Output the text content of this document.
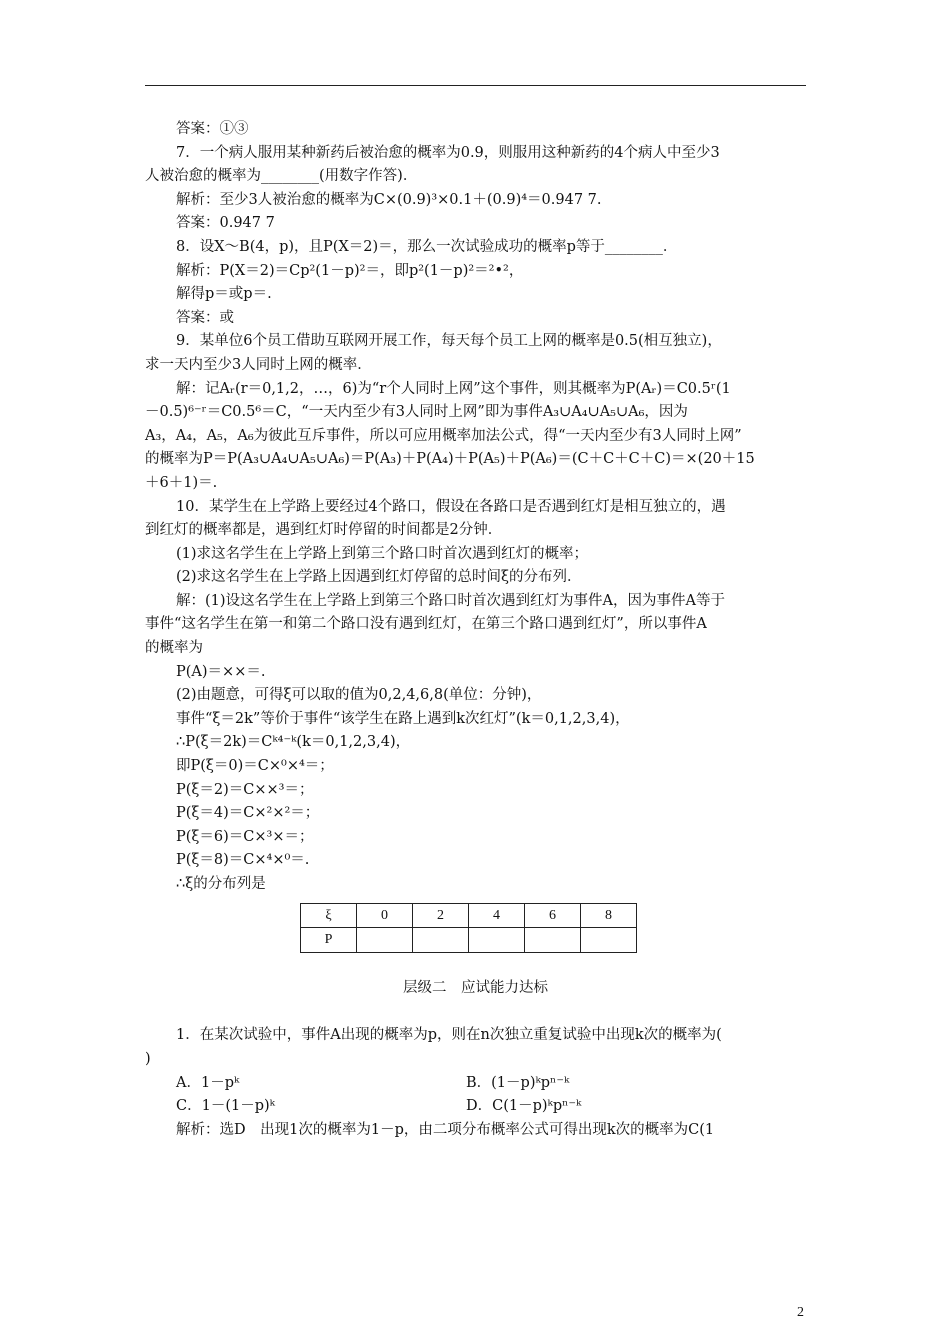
答案：①③
7．一个病人服用某种新药后被治愈的概率为0.9，则服用这种新药的4个病人中至少3
人被治愈的概率为________(用数字作答)．
解析：至少3人被治愈的概率为C×(0.9)³×0.1＋(0.9)⁴＝0.947 7.
答案：0.947 7
8．设X～B(4，p)，且P(X＝2)＝，那么一次试验成功的概率p等于________．
解析：P(X＝2)＝Cp²(1－p)²＝，即p²(1－p)²＝²•²，
解得p＝或p＝.
答案：或
9．某单位6个员工借助互联网开展工作，每天每个员工上网的概率是0.5(相互独立)，
求一天内至少3人同时上网的概率．
解：记Aᵣ(r＝0,1,2，…，6)为“r个人同时上网”这个事件，则其概率为P(Aᵣ)＝C0.5ʳ(1
－0.5)⁶⁻ʳ＝C0.5⁶＝C，“一天内至少有3人同时上网”即为事件A₃∪A₄∪A₅∪A₆，因为
A₃，A₄，A₅，A₆为彼此互斥事件，所以可应用概率加法公式，得“一天内至少有3人同时上网”
的概率为P＝P(A₃∪A₄∪A₅∪A₆)＝P(A₃)＋P(A₄)＋P(A₅)＋P(A₆)＝(C＋C＋C＋C)＝×(20＋15
＋6＋1)＝.
10．某学生在上学路上要经过4个路口，假设在各路口是否遇到红灯是相互独立的，遇
到红灯的概率都是，遇到红灯时停留的时间都是2分钟．
(1)求这名学生在上学路上到第三个路口时首次遇到红灯的概率；
(2)求这名学生在上学路上因遇到红灯停留的总时间ξ的分布列．
解：(1)设这名学生在上学路上到第三个路口时首次遇到红灯为事件A，因为事件A等于
事件“这名学生在第一和第二个路口没有遇到红灯，在第三个路口遇到红灯”，所以事件A
的概率为
P(A)＝××＝.
(2)由题意，可得ξ可以取的值为0,2,4,6,8(单位：分钟)，
事件“ξ＝2k”等价于事件“该学生在路上遇到k次红灯”(k＝0,1,2,3,4)，
∴P(ξ＝2k)＝Cᵏ⁴⁻ᵏ(k＝0,1,2,3,4)，
即P(ξ＝0)＝C×⁰×⁴＝；
P(ξ＝2)＝C××³＝；
P(ξ＝4)＝C×²×²＝；
P(ξ＝6)＝C×³×＝；
P(ξ＝8)＝C×⁴×⁰＝.
∴ξ的分布列是
ξ	0	2	4	6	8
P					
层级二　应试能力达标
1．在某次试验中，事件A出现的概率为p，则在n次独立重复试验中出现k次的概率为(
)
A．1－pᵏ	B．(1－p)ᵏpⁿ⁻ᵏ
C．1－(1－p)ᵏ	D．C(1－p)ᵏpⁿ⁻ᵏ
解析：选D　出现1次的概率为1－p，由二项分布概率公式可得出现k次的概率为C(1
2
